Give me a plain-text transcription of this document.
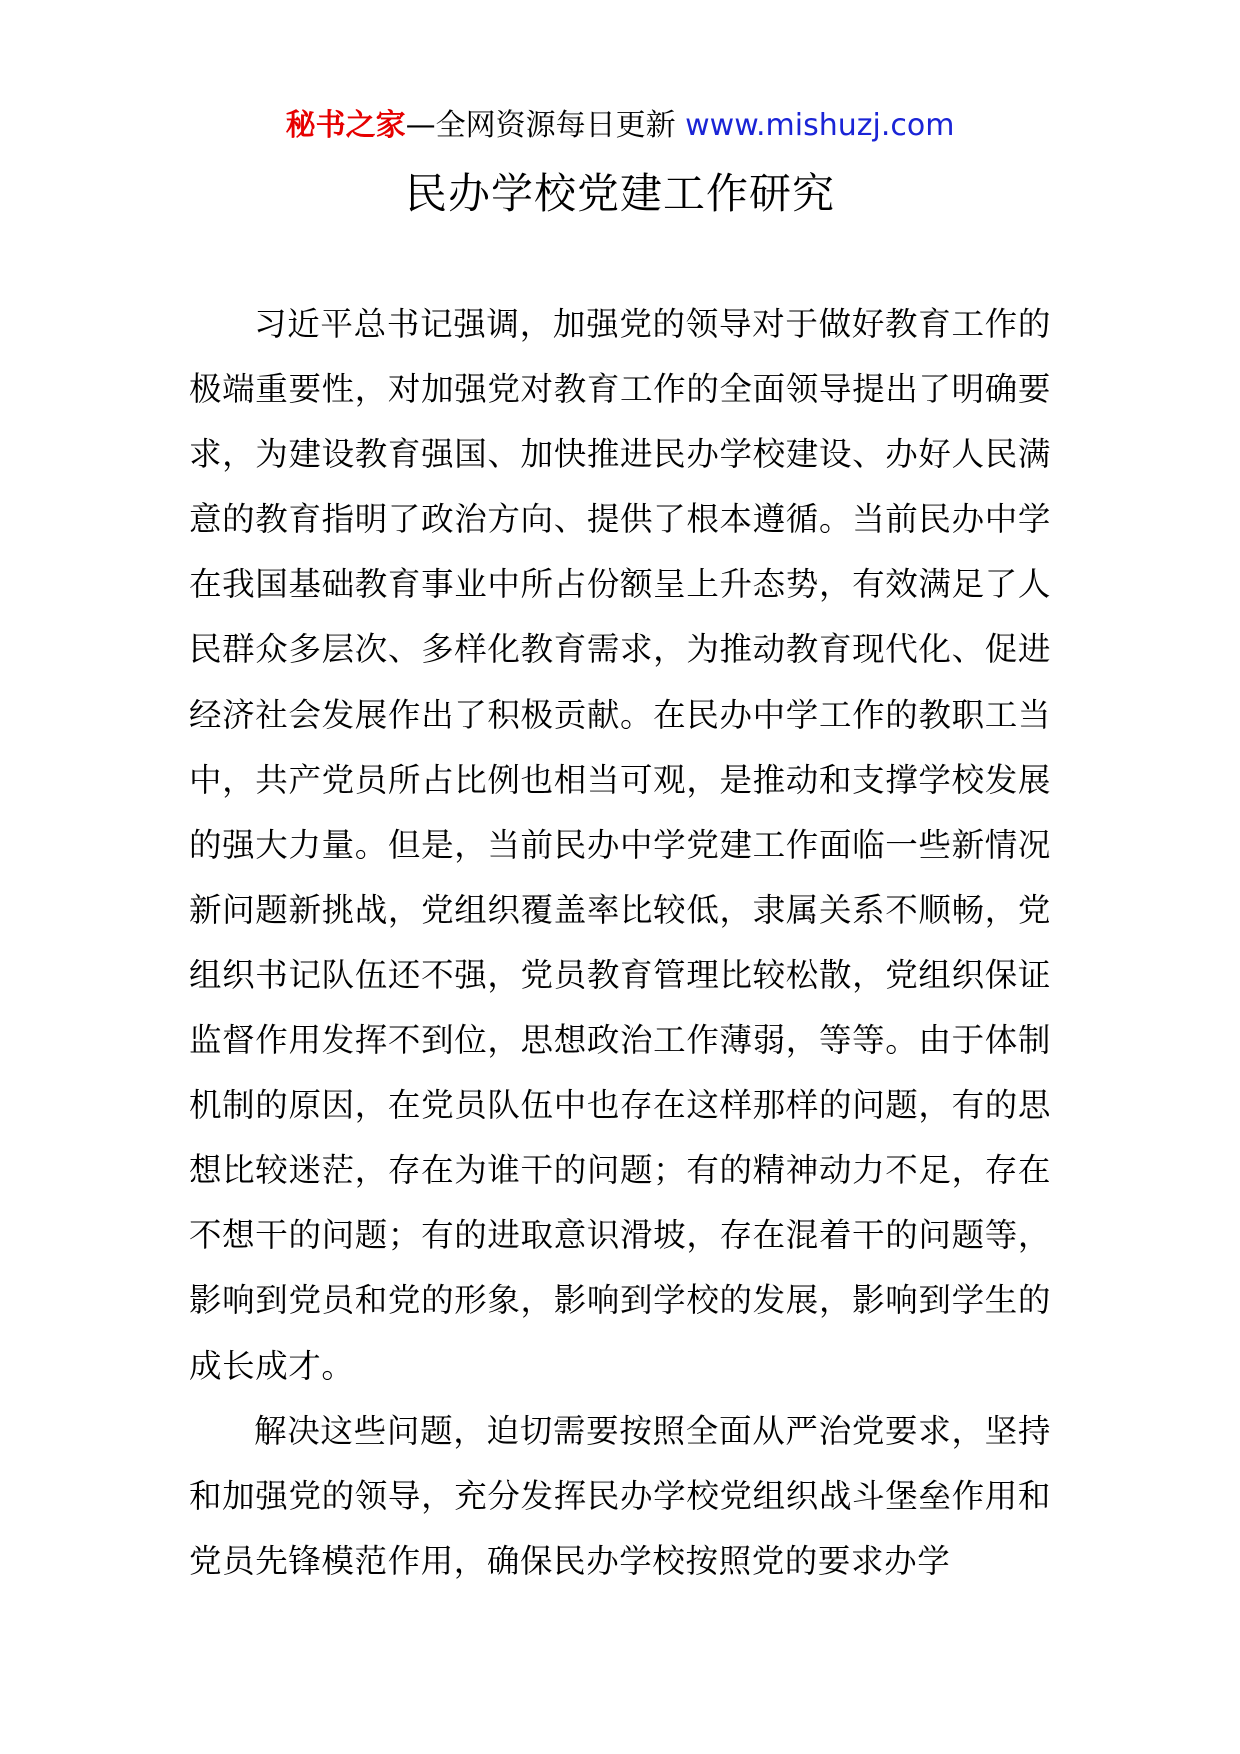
秘书之家—全网资源每日更新 www.mishuzj.com
民办学校党建工作研究

习近平总书记强调，加强党的领导对于做好教育工作的极端重要性，对加强党对教育工作的全面领导提出了明确要求，为建设教育强国、加快推进民办学校建设、办好人民满意的教育指明了政治方向、提供了根本遵循。当前民办中学在我国基础教育事业中所占份额呈上升态势，有效满足了人民群众多层次、多样化教育需求，为推动教育现代化、促进经济社会发展作出了积极贡献。在民办中学工作的教职工当中，共产党员所占比例也相当可观，是推动和支撑学校发展的强大力量。但是，当前民办中学党建工作面临一些新情况新问题新挑战，党组织覆盖率比较低，隶属关系不顺畅，党组织书记队伍还不强，党员教育管理比较松散，党组织保证监督作用发挥不到位，思想政治工作薄弱，等等。由于体制机制的原因，在党员队伍中也存在这样那样的问题，有的思想比较迷茫，存在为谁干的问题；有的精神动力不足，存在不想干的问题；有的进取意识滑坡，存在混着干的问题等，影响到党员和党的形象，影响到学校的发展，影响到学生的成长成才。

解决这些问题，迫切需要按照全面从严治党要求，坚持和加强党的领导，充分发挥民办学校党组织战斗堡垒作用和党员先锋模范作用，确保民办学校按照党的要求办学
